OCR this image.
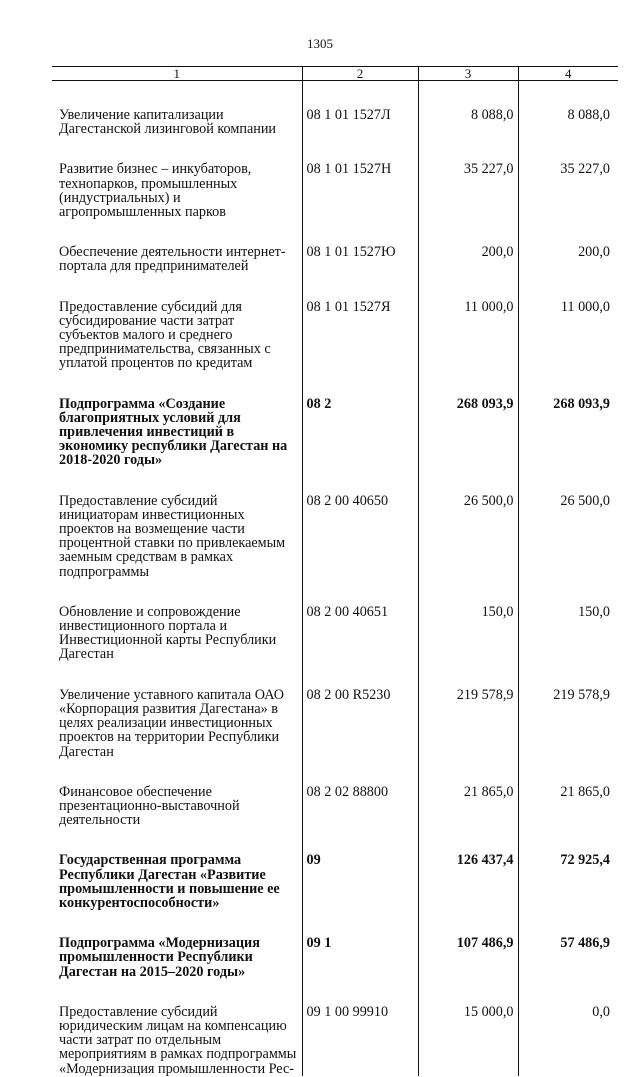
1305
1	2	3	4
Увеличение капитализации Дагестанской лизинговой компании	08 1 01 1527Л	8 088,0	8 088,0
Развитие бизнес – инкубаторов, технопарков, промышленных (индустриальных) и агропромышленных парков	08 1 01 1527Н	35 227,0	35 227,0
Обеспечение деятельности интернет-портала для предпринимателей	08 1 01 1527Ю	200,0	200,0
Предоставление субсидий для субсидирование части затрат субъектов малого и среднего предпринимательства, связанных с уплатой процентов по кредитам	08 1 01 1527Я	11 000,0	11 000,0
Подпрограмма «Создание благоприятных условий для привлечения инвестиций в экономику республики Дагестан на 2018-2020 годы»	08 2	268 093,9	268 093,9
Предоставление субсидий инициаторам инвестиционных проектов на возмещение части процентной ставки по привлекаемым заемным средствам в рамках подпрограммы	08 2 00 40650	26 500,0	26 500,0
Обновление и сопровождение инвестиционного портала и Инвестиционной карты Республики Дагестан	08 2 00 40651	150,0	150,0
Увеличение уставного капитала ОАО «Корпорация развития Дагестана» в целях реализации инвестиционных проектов на территории Республики Дагестан	08 2 00 R5230	219 578,9	219 578,9
Финансовое обеспечение презентационно-выставочной деятельности	08 2 02 88800	21 865,0	21 865,0
Государственная программа Республики Дагестан «Развитие промышленности и повышение ее конкурентоспособности»	09	126 437,4	72 925,4
Подпрограмма «Модернизация промышленности Республики Дагестан на 2015–2020 годы»	09 1	107 486,9	57 486,9
Предоставление субсидий юридическим лицам на компенсацию части затрат по отдельным мероприятиям в рамках подпрограммы «Модернизация промышленности Рес-	09 1 00 99910	15 000,0	0,0
